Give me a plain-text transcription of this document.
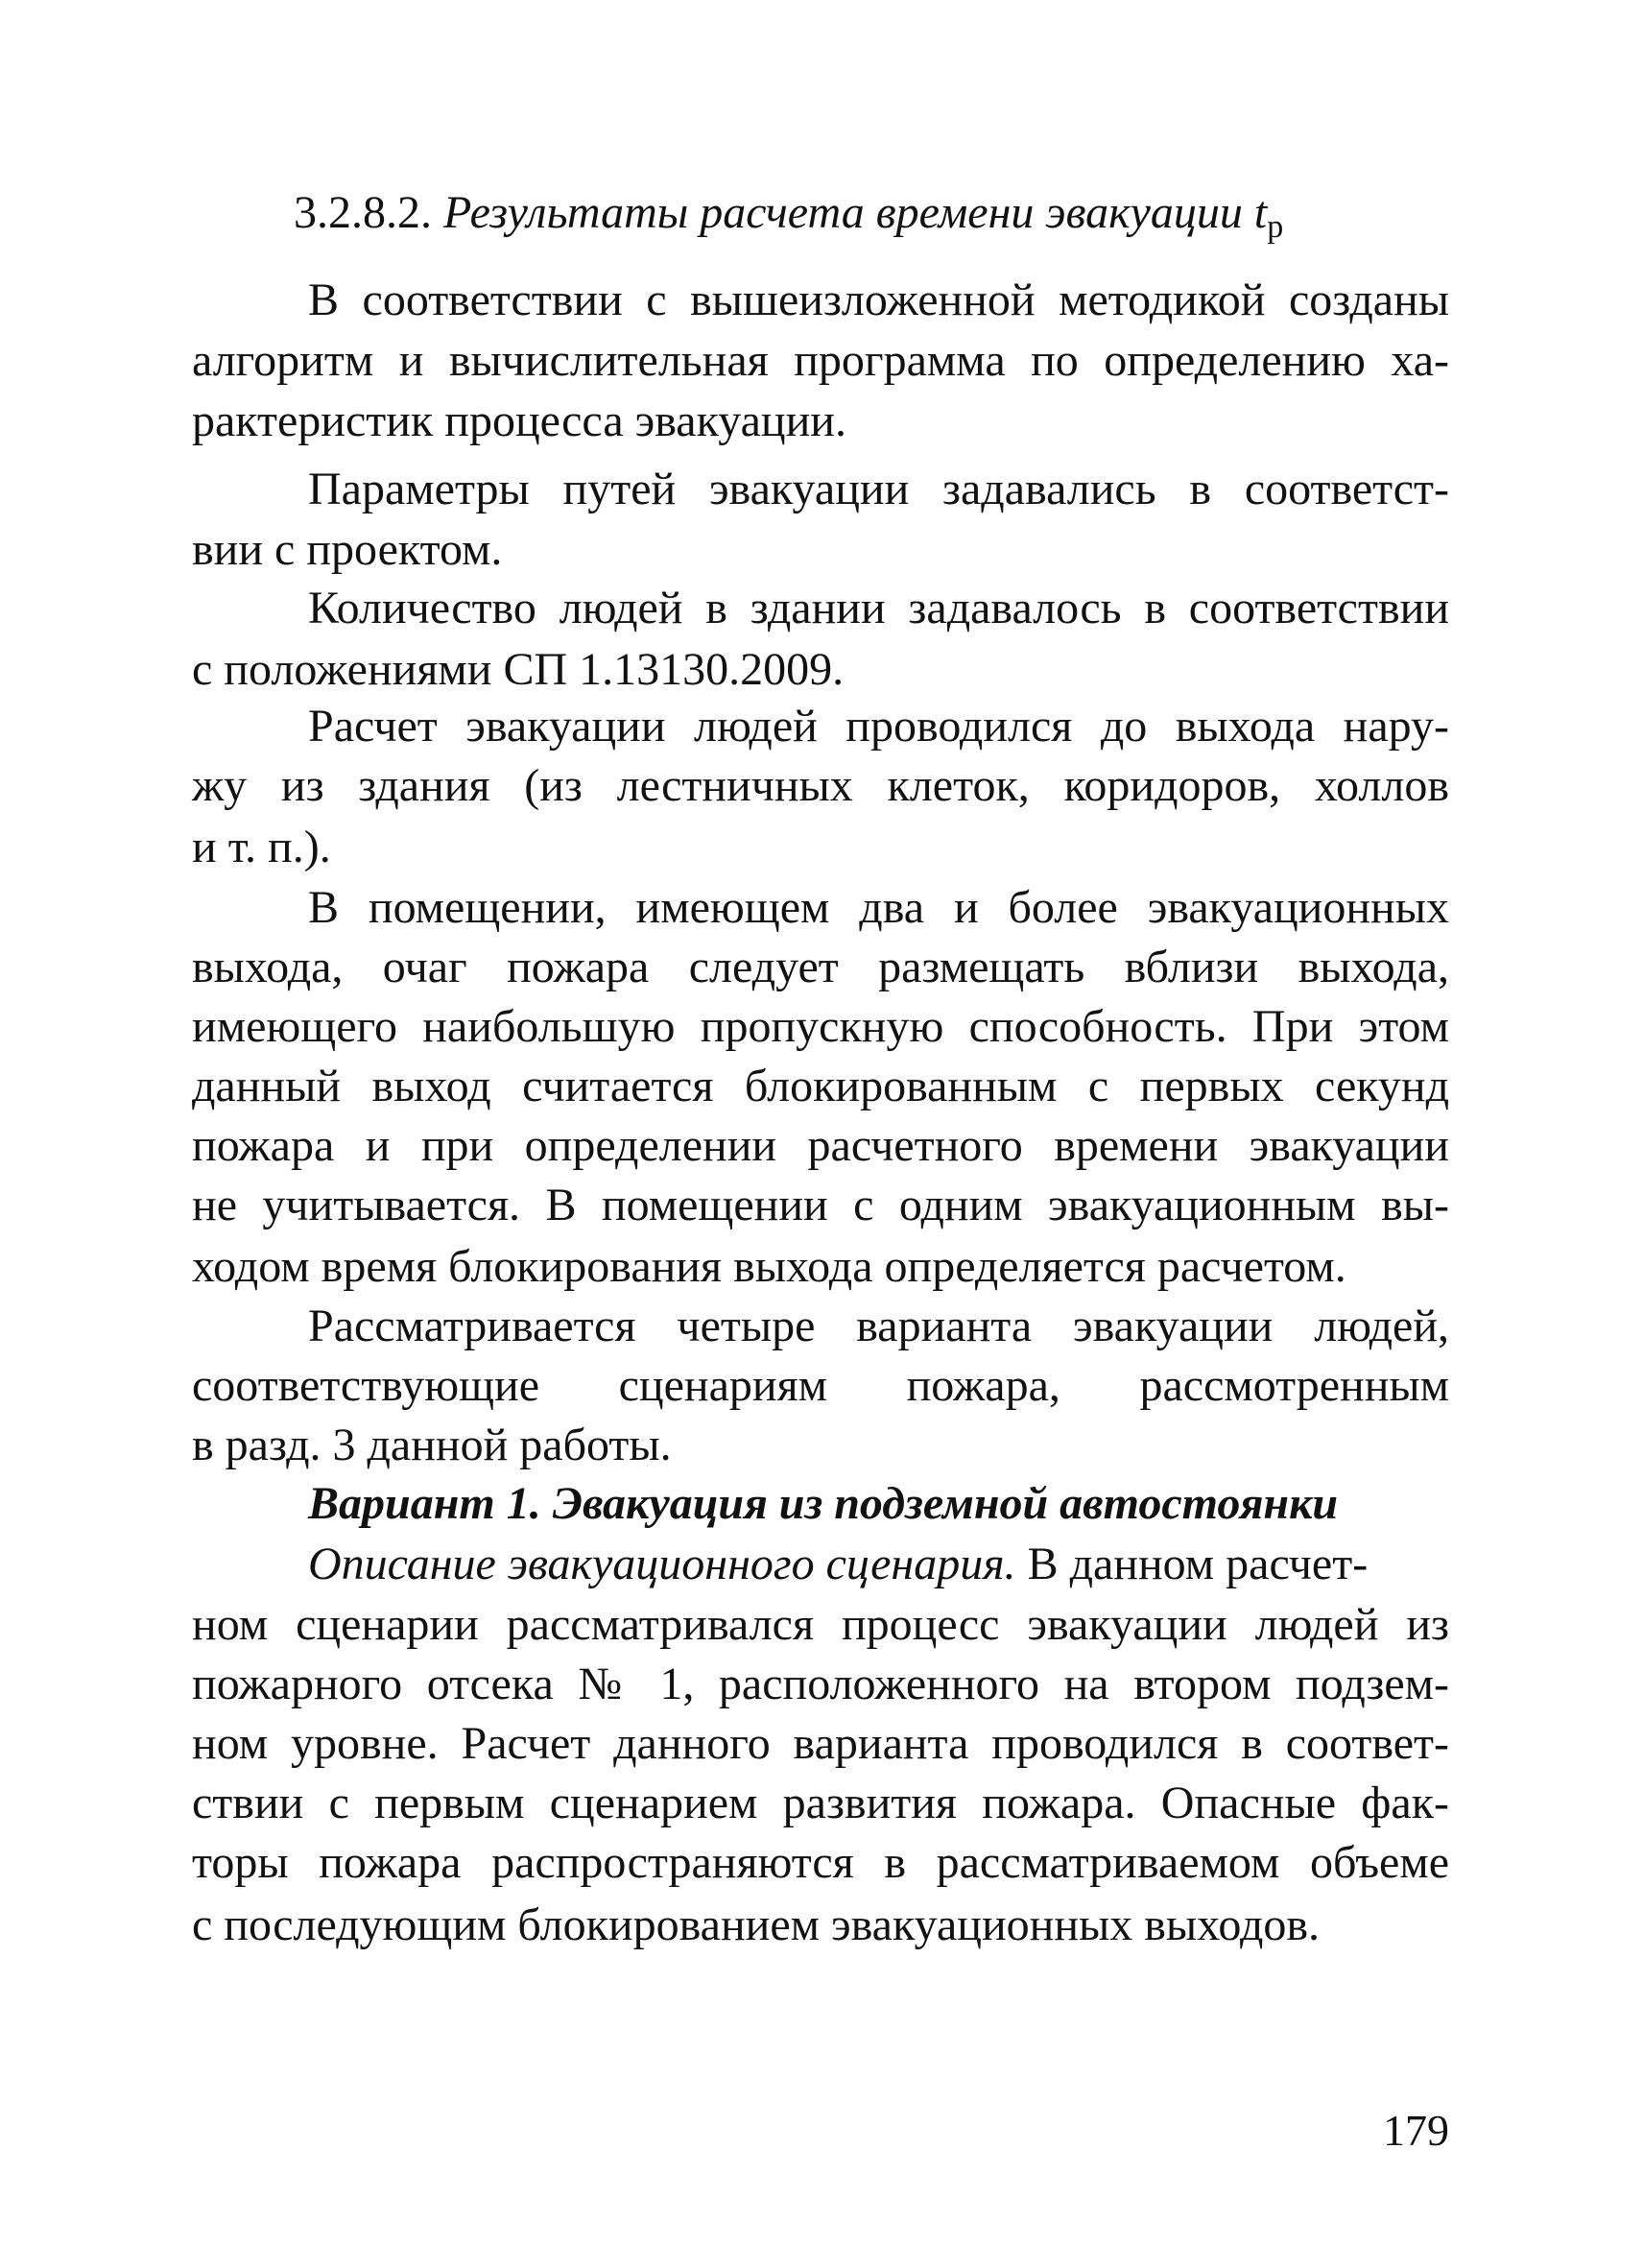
3.2.8.2. Результаты расчета времени эвакуации $t_р$
В соответствии с вышеизложенной методикой созданы
алгоритм и вычислительная программа по определению ха-
рактеристик процесса эвакуации.
Параметры путей эвакуации задавались в соответст-
вии с проектом.
Количество людей в здании задавалось в соответствии
с положениями СП 1.13130.2009.
Расчет эвакуации людей проводился до выхода нару-
жу из здания (из лестничных клеток, коридоров, холлов
и т. п.).
В помещении, имеющем два и более эвакуационных
выхода, очаг пожара следует размещать вблизи выхода,
имеющего наибольшую пропускную способность. При этом
данный выход считается блокированным с первых секунд
пожара и при определении расчетного времени эвакуации
не учитывается. В помещении с одним эвакуационным вы-
ходом время блокирования выхода определяется расчетом.
Рассматривается четыре варианта эвакуации людей,
соответствующие сценариям пожара, рассмотренным
в разд. 3 данной работы.
Вариант 1. Эвакуация из подземной автостоянки
Описание эвакуационного сценария. В данном расчет-
ном сценарии рассматривался процесс эвакуации людей из
пожарного отсека № 1, расположенного на втором подзем-
ном уровне. Расчет данного варианта проводился в соответ-
ствии с первым сценарием развития пожара. Опасные фак-
торы пожара распространяются в рассматриваемом объеме
с последующим блокированием эвакуационных выходов.
179
